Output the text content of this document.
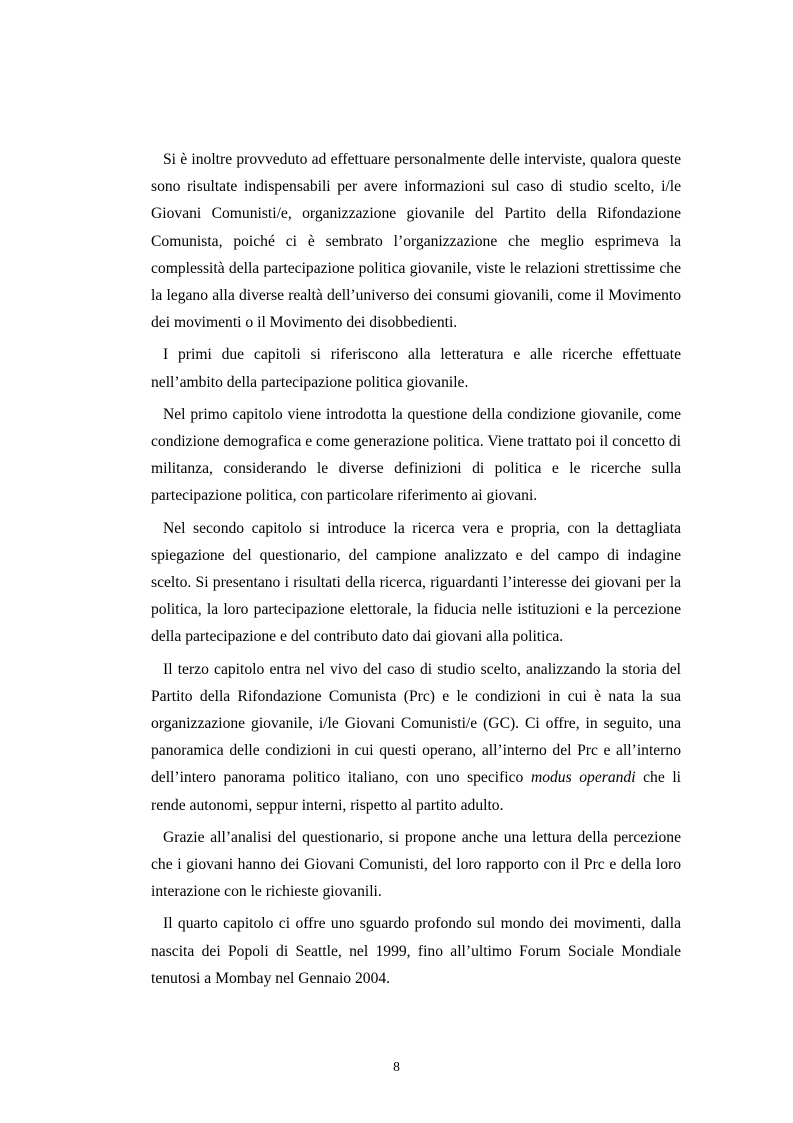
Si è inoltre provveduto ad effettuare personalmente delle interviste, qualora queste sono risultate indispensabili per avere informazioni sul caso di studio scelto, i/le Giovani Comunisti/e, organizzazione giovanile del Partito della Rifondazione Comunista, poiché ci è sembrato l’organizzazione che meglio esprimeva la complessità della partecipazione politica giovanile, viste le relazioni strettissime che la legano alla diverse realtà dell’universo dei consumi giovanili, come il Movimento dei movimenti o il Movimento dei disobbedienti.

I primi due capitoli si riferiscono alla letteratura e alle ricerche effettuate nell’ambito della partecipazione politica giovanile.

Nel primo capitolo viene introdotta la questione della condizione giovanile, come condizione demografica e come generazione politica. Viene trattato poi il concetto di militanza, considerando le diverse definizioni di politica e le ricerche sulla partecipazione politica, con particolare riferimento ai giovani.

Nel secondo capitolo si introduce la ricerca vera e propria, con la dettagliata spiegazione del questionario, del campione analizzato e del campo di indagine scelto. Si presentano i risultati della ricerca, riguardanti l’interesse dei giovani per la politica, la loro partecipazione elettorale, la fiducia nelle istituzioni e la percezione della partecipazione e del contributo dato dai giovani alla politica.

Il terzo capitolo entra nel vivo del caso di studio scelto, analizzando la storia del Partito della Rifondazione Comunista (Prc) e le condizioni in cui è nata la sua organizzazione giovanile, i/le Giovani Comunisti/e (GC). Ci offre, in seguito, una panoramica delle condizioni in cui questi operano, all’interno del Prc e all’interno dell’intero panorama politico italiano, con uno specifico modus operandi che li rende autonomi, seppur interni, rispetto al partito adulto.

Grazie all’analisi del questionario, si propone anche una lettura della percezione che i giovani hanno dei Giovani Comunisti, del loro rapporto con il Prc e della loro interazione con le richieste giovanili.

Il quarto capitolo ci offre uno sguardo profondo sul mondo dei movimenti, dalla nascita dei Popoli di Seattle, nel 1999, fino all’ultimo Forum Sociale Mondiale tenutosi a Mombay nel Gennaio 2004.

8
